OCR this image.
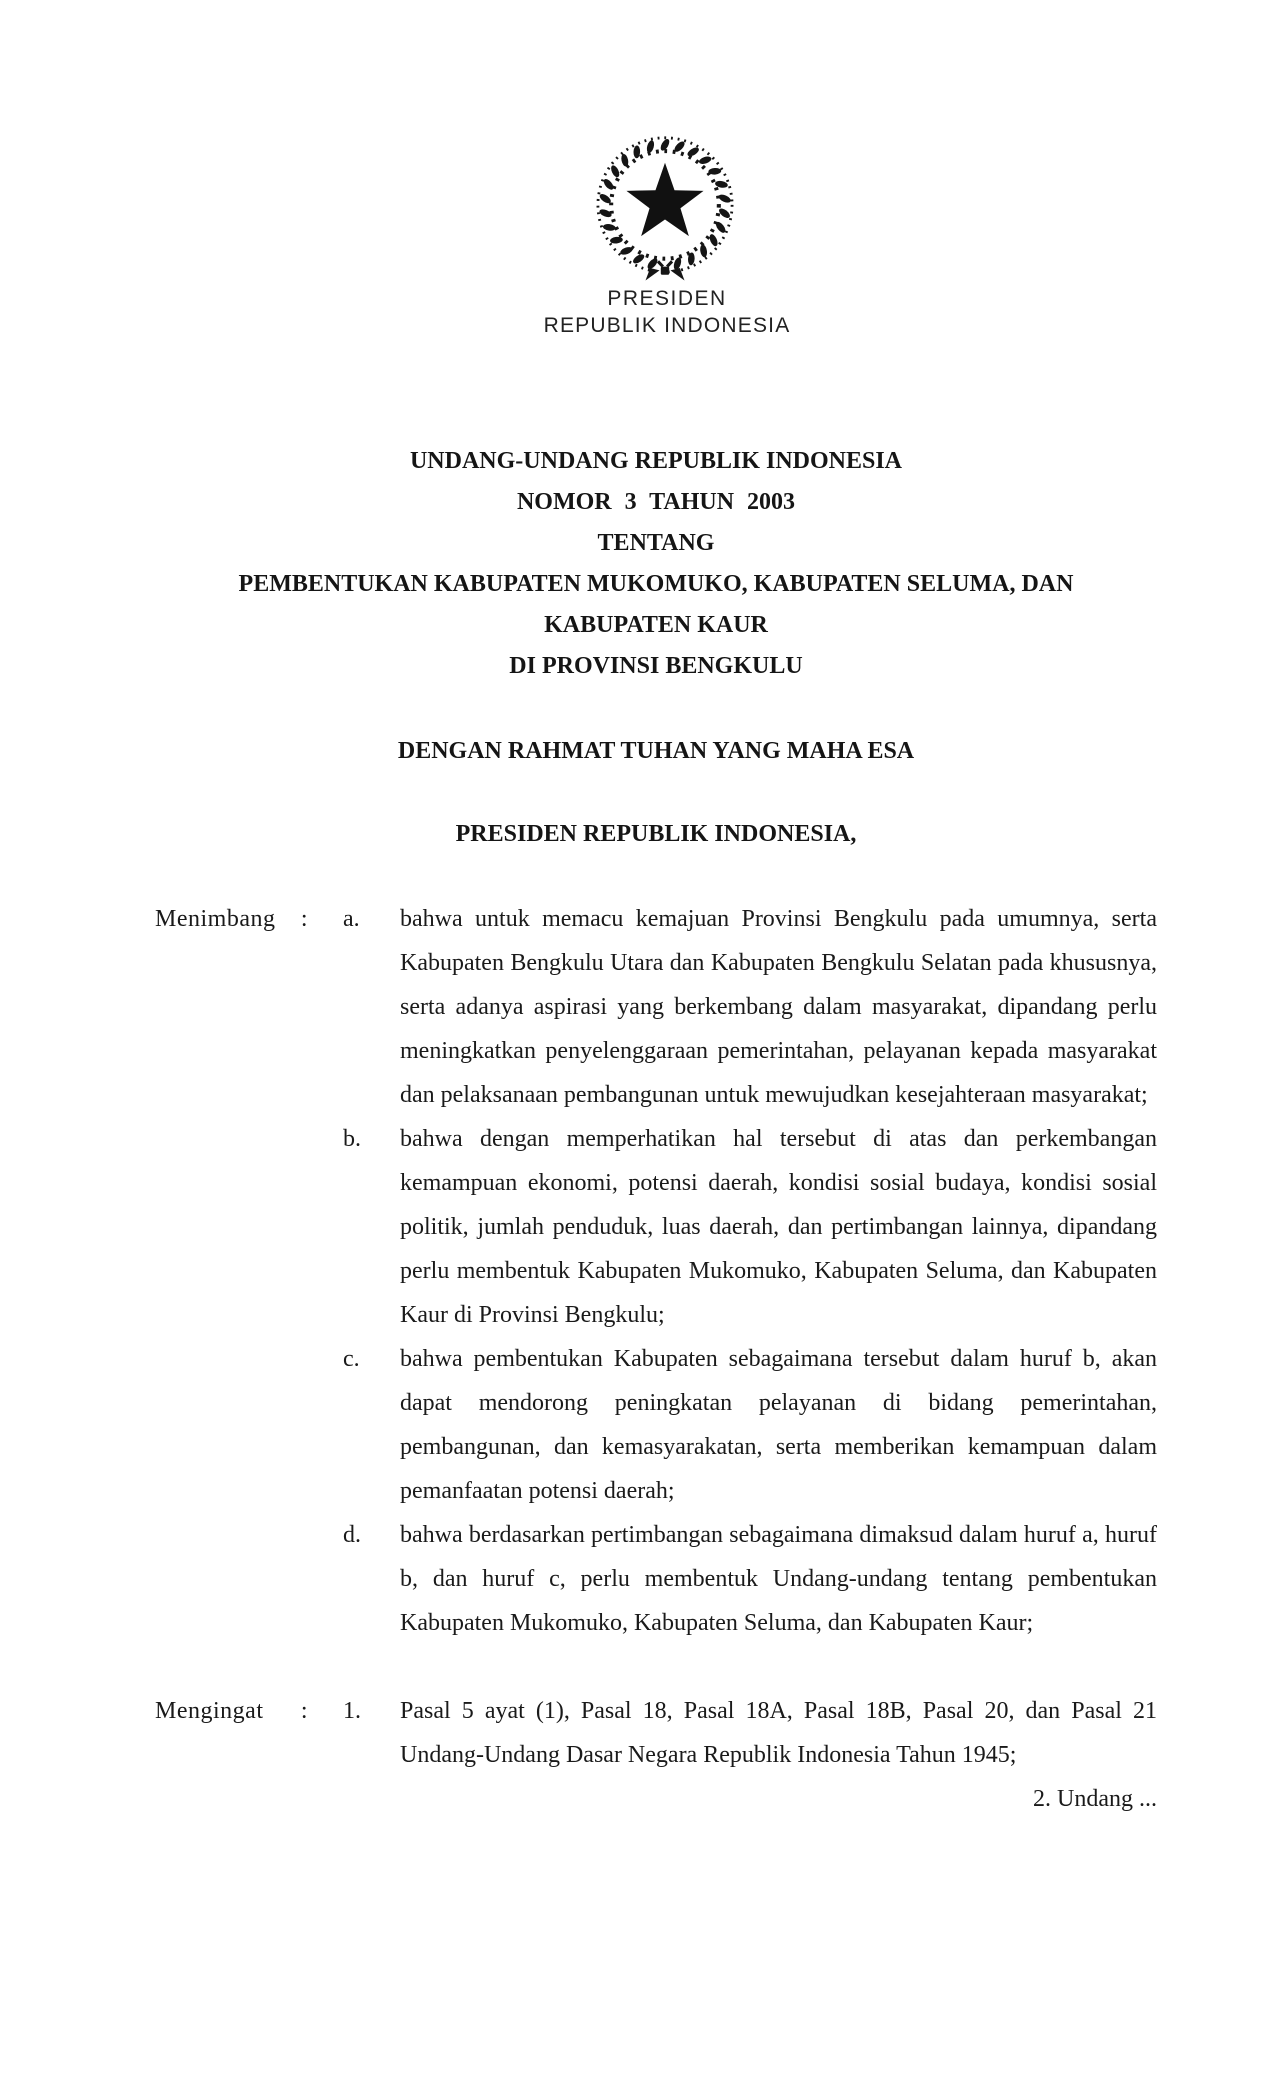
PRESIDEN
REPUBLIK INDONESIA
UNDANG-UNDANG REPUBLIK INDONESIA
NOMOR 3 TAHUN 2003
TENTANG
PEMBENTUKAN KABUPATEN MUKOMUKO, KABUPATEN SELUMA, DAN
KABUPATEN KAUR
DI PROVINSI BENGKULU
DENGAN RAHMAT TUHAN YANG MAHA ESA
PRESIDEN REPUBLIK INDONESIA,
Menimbang : a.	bahwa untuk memacu kemajuan Provinsi Bengkulu pada umumnya, serta Kabupaten Bengkulu Utara dan Kabupaten Bengkulu Selatan pada khususnya, serta adanya aspirasi yang berkembang dalam masyarakat, dipandang perlu meningkatkan penyelenggaraan pemerintahan, pelayanan kepada masyarakat dan pelaksanaan pembangunan untuk mewujudkan kesejahteraan masyarakat;
b.	bahwa dengan memperhatikan hal tersebut di atas dan perkembangan kemampuan ekonomi, potensi daerah, kondisi sosial budaya, kondisi sosial politik, jumlah penduduk, luas daerah, dan pertimbangan lainnya, dipandang perlu membentuk Kabupaten Mukomuko, Kabupaten Seluma, dan Kabupaten Kaur di Provinsi Bengkulu;
c.	bahwa pembentukan Kabupaten sebagaimana tersebut dalam huruf b, akan dapat mendorong peningkatan pelayanan di bidang pemerintahan, pembangunan, dan kemasyarakatan, serta memberikan kemampuan dalam pemanfaatan potensi daerah;
d.	bahwa berdasarkan pertimbangan sebagaimana dimaksud dalam huruf a, huruf b, dan huruf c, perlu membentuk Undang-undang tentang pembentukan Kabupaten Mukomuko, Kabupaten Seluma, dan Kabupaten Kaur;
Mengingat : 1.	Pasal 5 ayat (1), Pasal 18, Pasal 18A, Pasal 18B, Pasal 20, dan Pasal 21 Undang-Undang Dasar Negara Republik Indonesia Tahun 1945;
2. Undang ...
